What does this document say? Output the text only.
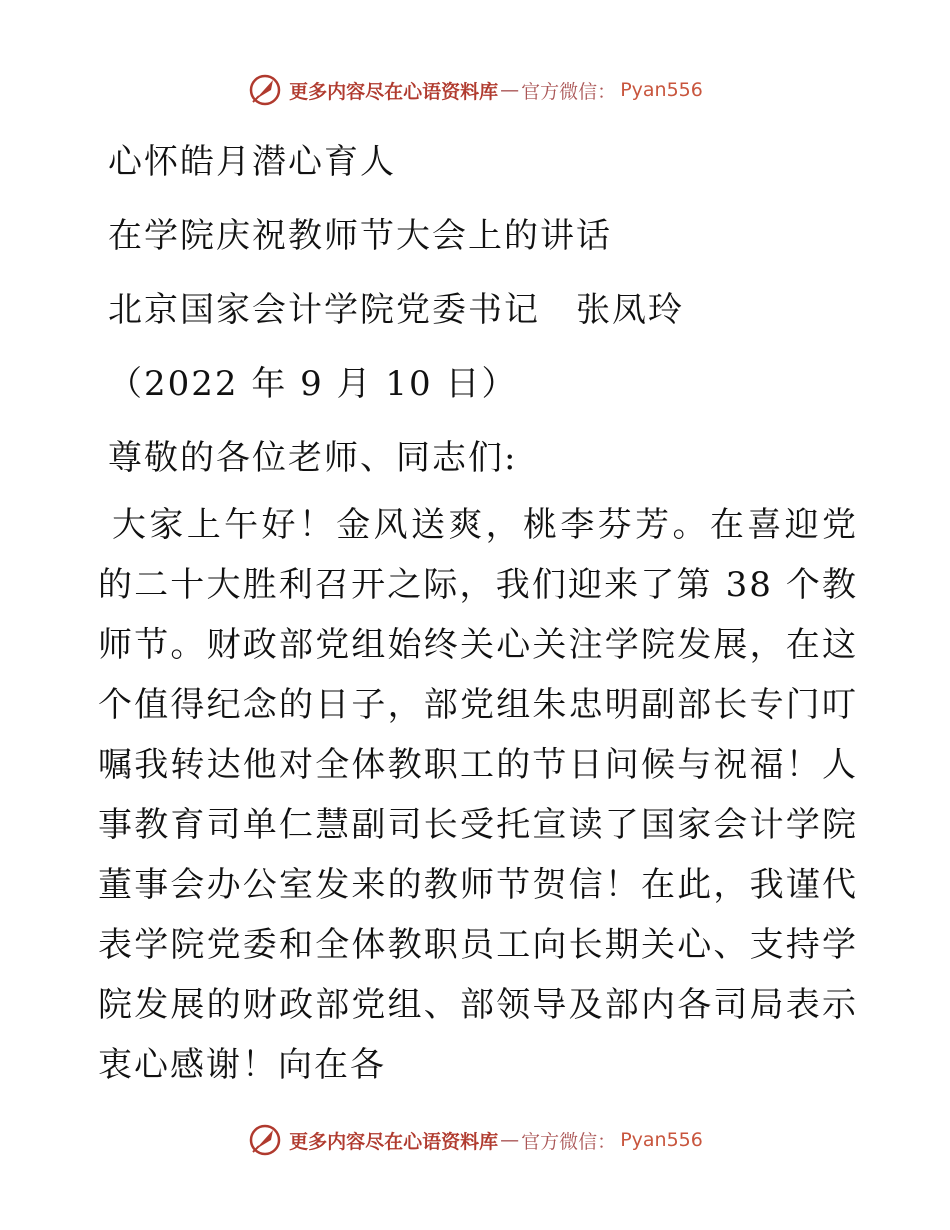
更多内容尽在心语资料库 — 官方微信： Pyan556
心怀皓月潜心育人
在学院庆祝教师节大会上的讲话
北京国家会计学院党委书记　张凤玲
（2022 年 9 月 10 日）
尊敬的各位老师、同志们:
大家上午好！金风送爽，桃李芬芳。在喜迎党的二十大胜利召开之际，我们迎来了第 38 个教师节。财政部党组始终关心关注学院发展，在这个值得纪念的日子，部党组朱忠明副部长专门叮嘱我转达他对全体教职工的节日问候与祝福！人事教育司单仁慧副司长受托宣读了国家会计学院董事会办公室发来的教师节贺信！在此，我谨代表学院党委和全体教职员工向长期关心、支持学院发展的财政部党组、部领导及部内各司局表示衷心感谢！向在各
更多内容尽在心语资料库 — 官方微信： Pyan556
